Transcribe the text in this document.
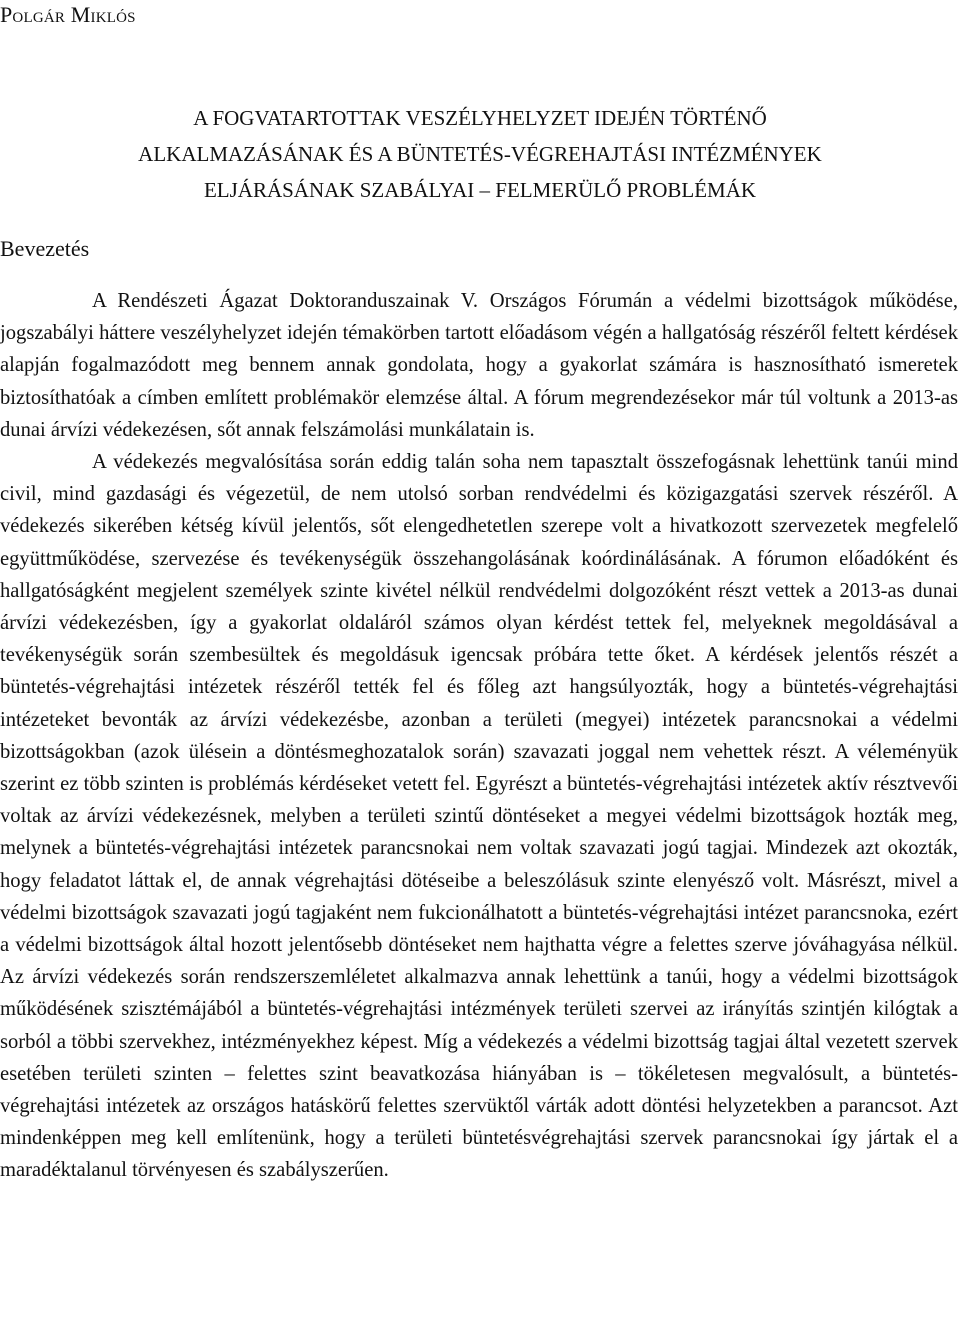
Polgár Miklós
A FOGVATARTOTTAK VESZÉLYHELYZET IDEJÉN TÖRTÉNŐ
ALKALMAZÁSÁNAK ÉS A BÜNTETÉS-VÉGREHAJTÁSI INTÉZMÉNYEK
ELJÁRÁSÁNAK SZABÁLYAI – FELMERÜLŐ PROBLÉMÁK
Bevezetés

A Rendészeti Ágazat Doktoranduszainak V. Országos Fórumán a védelmi bizottságok működése, jogszabályi háttere veszélyhelyzet idején témakörben tartott előadásom végén a hallgatóság részéről feltett kérdések alapján fogalmazódott meg bennem annak gondolata, hogy a gyakorlat számára is hasznosítható ismeretek biztosíthatóak a címben említett problémakör elemzése által. A fórum megrendezésekor már túl voltunk a 2013-as dunai árvízi védekezésen, sőt annak felszámolási munkálatain is.

A védekezés megvalósítása során eddig talán soha nem tapasztalt összefogásnak lehettünk tanúi mind civil, mind gazdasági és végezetül, de nem utolsó sorban rendvédelmi és közigazgatási szervek részéről. A védekezés sikerében kétség kívül jelentős, sőt elengedhetetlen szerepe volt a hivatkozott szervezetek megfelelő együttműködése, szervezése és tevékenységük összehangolásának koórdinálásának. A fórumon előadóként és hallgatóságként megjelent személyek szinte kivétel nélkül rendvédelmi dolgozóként részt vettek a 2013-as dunai árvízi védekezésben, így a gyakorlat oldaláról számos olyan kérdést tettek fel, melyeknek megoldásával a tevékenységük során szembesültek és megoldásuk igencsak próbára tette őket. A kérdések jelentős részét a büntetés-végrehajtási intézetek részéről tették fel és főleg azt hangsúlyozták, hogy a büntetés-végrehajtási intézeteket bevonták az árvízi védekezésbe, azonban a területi (megyei) intézetek parancsnokai a védelmi bizottságokban (azok ülésein a döntésmeghozatalok során) szavazati joggal nem vehettek részt. A véleményük szerint ez több szinten is problémás kérdéseket vetett fel. Egyrészt a büntetés-végrehajtási intézetek aktív résztvevői voltak az árvízi védekezésnek, melyben a területi szintű döntéseket a megyei védelmi bizottságok hozták meg, melynek a büntetés-végrehajtási intézetek parancsnokai nem voltak szavazati jogú tagjai. Mindezek azt okozták, hogy feladatot láttak el, de annak végrehajtási dötéseibe a beleszólásuk szinte elenyésző volt. Másrészt, mivel a védelmi bizottságok szavazati jogú tagjaként nem fukcionálhatott a büntetés-végrehajtási intézet parancsnoka, ezért a védelmi bizottságok által hozott jelentősebb döntéseket nem hajthatta végre a felettes szerve jóváhagyása nélkül. Az árvízi védekezés során rendszerszemléletet alkalmazva annak lehettünk a tanúi, hogy a védelmi bizottságok működésének szisztémájából a büntetés-végrehajtási intézmények területi szervei az irányítás szintjén kilógtak a sorból a többi szervekhez, intézményekhez képest. Míg a védekezés a védelmi bizottság tagjai által vezetett szervek esetében területi szinten – felettes szint beavatkozása hiányában is – tökéletesen megvalósult, a büntetés-végrehajtási intézetek az országos hatáskörű felettes szervüktől várták adott döntési helyzetekben a parancsot. Azt mindenképpen meg kell említenünk, hogy a területi büntetésvégrehajtási szervek parancsnokai így jártak el a maradéktalanul törvényesen és szabályszerűen.
